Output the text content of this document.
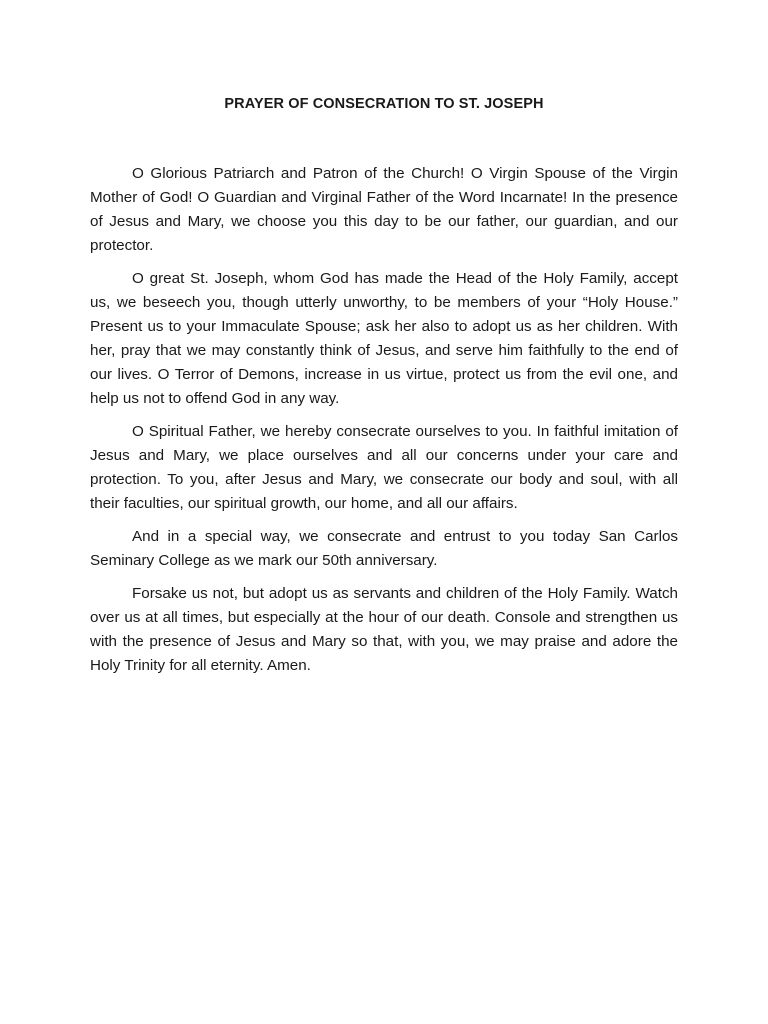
PRAYER OF CONSECRATION TO ST. JOSEPH

O Glorious Patriarch and Patron of the Church! O Virgin Spouse of the Virgin Mother of God! O Guardian and Virginal Father of the Word Incarnate! In the presence of Jesus and Mary, we choose you this day to be our father, our guardian, and our protector.

O great St. Joseph, whom God has made the Head of the Holy Family, accept us, we beseech you, though utterly unworthy, to be members of your “Holy House.” Present us to your Immaculate Spouse; ask her also to adopt us as her children. With her, pray that we may constantly think of Jesus, and serve him faithfully to the end of our lives. O Terror of Demons, increase in us virtue, protect us from the evil one, and help us not to offend God in any way.

O Spiritual Father, we hereby consecrate ourselves to you. In faithful imitation of Jesus and Mary, we place ourselves and all our concerns under your care and protection. To you, after Jesus and Mary, we consecrate our body and soul, with all their faculties, our spiritual growth, our home, and all our affairs.

And in a special way, we consecrate and entrust to you today San Carlos Seminary College as we mark our 50th anniversary.

Forsake us not, but adopt us as servants and children of the Holy Family. Watch over us at all times, but especially at the hour of our death. Console and strengthen us with the presence of Jesus and Mary so that, with you, we may praise and adore the Holy Trinity for all eternity. Amen.
